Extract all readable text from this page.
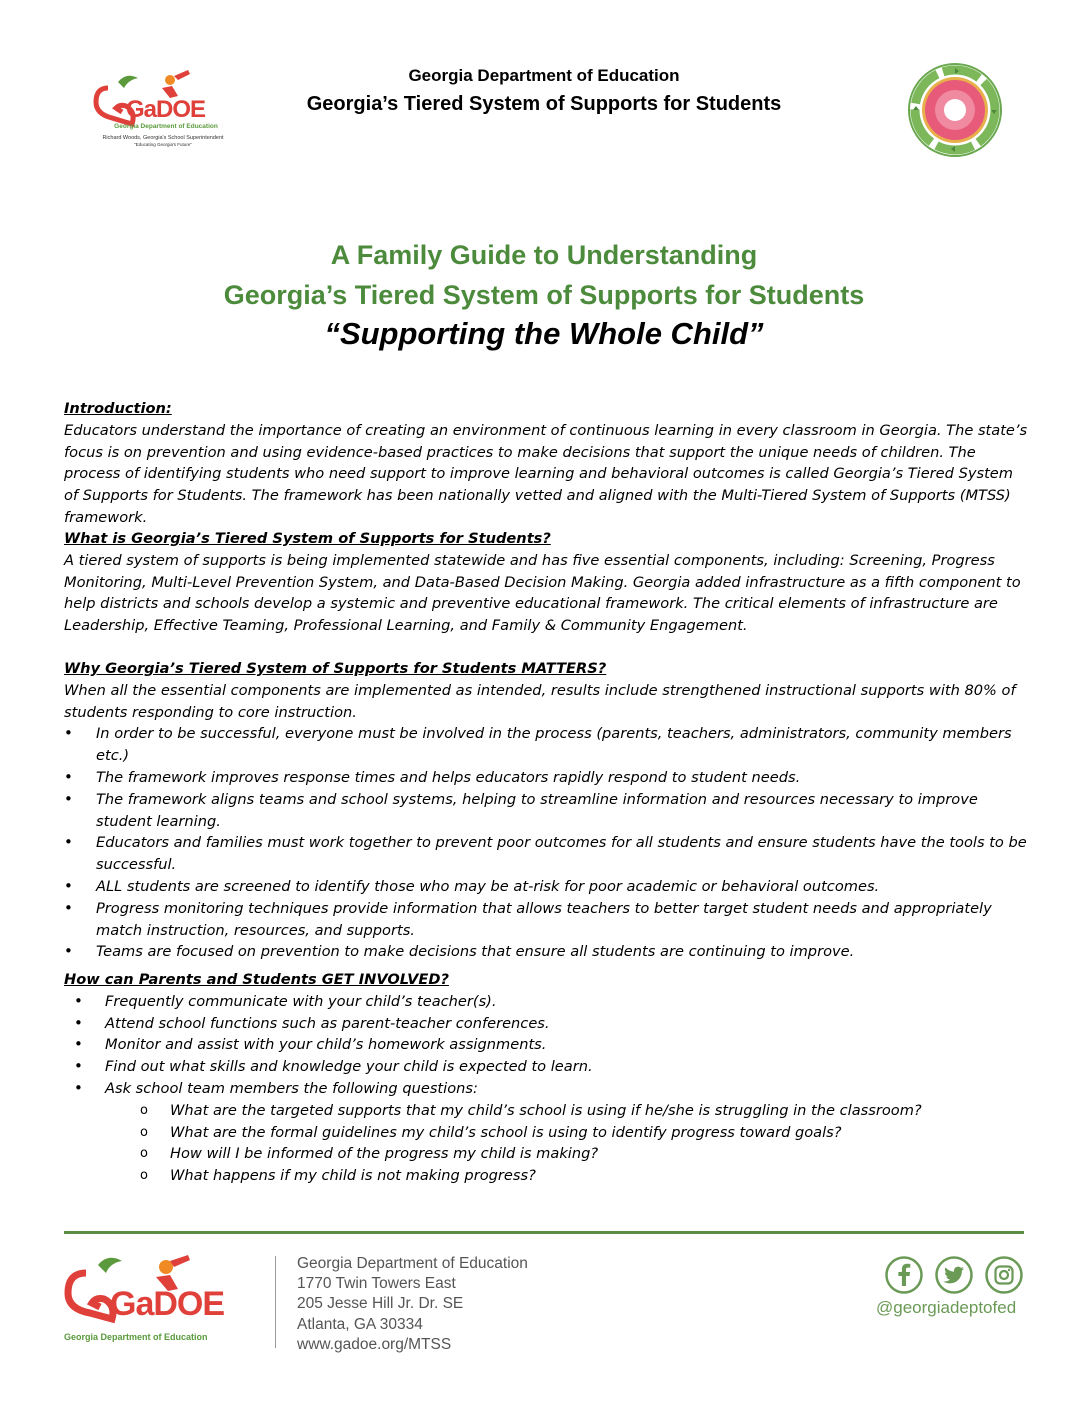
GaDOE
Georgia Department of Education
Richard Woods, Georgia's School Superintendent
"Educating Georgia's Future"
Georgia Department of Education
Georgia’s Tiered System of Supports for Students
A Family Guide to Understanding
Georgia’s Tiered System of Supports for Students
“Supporting the Whole Child”
Introduction:

Educators understand the importance of creating an environment of continuous learning in every classroom in Georgia. The state’s focus is on prevention and using evidence-based practices to make decisions that support the unique needs of children. The process of identifying students who need support to improve learning and behavioral outcomes is called Georgia’s Tiered System of Supports for Students. The framework has been nationally vetted and aligned with the Multi-Tiered System of Supports (MTSS) framework.

What is Georgia’s Tiered System of Supports for Students?

A tiered system of supports is being implemented statewide and has five essential components, including: Screening, Progress Monitoring, Multi-Level Prevention System, and Data-Based Decision Making. Georgia added infrastructure as a fifth component to help districts and schools develop a systemic and preventive educational framework. The critical elements of infrastructure are Leadership, Effective Teaming, Professional Learning, and Family & Community Engagement.

Why Georgia’s Tiered System of Supports for Students MATTERS?

When all the essential components are implemented as intended, results include strengthened instructional supports with 80% of students responding to core instruction.

• In order to be successful, everyone must be involved in the process (parents, teachers, administrators, community members etc.)
• The framework improves response times and helps educators rapidly respond to student needs.
• The framework aligns teams and school systems, helping to streamline information and resources necessary to improve student learning.
• Educators and families must work together to prevent poor outcomes for all students and ensure students have the tools to be successful.
• ALL students are screened to identify those who may be at-risk for poor academic or behavioral outcomes.
• Progress monitoring techniques provide information that allows teachers to better target student needs and appropriately match instruction, resources, and supports.
• Teams are focused on prevention to make decisions that ensure all students are continuing to improve.
How can Parents and Students GET INVOLVED?
• Frequently communicate with your child’s teacher(s).
• Attend school functions such as parent-teacher conferences.
• Monitor and assist with your child’s homework assignments.
• Find out what skills and knowledge your child is expected to learn.
• Ask school team members the following questions:
o What are the targeted supports that my child’s school is using if he/she is struggling in the classroom?
o What are the formal guidelines my child’s school is using to identify progress toward goals?
o How will I be informed of the progress my child is making?
o What happens if my child is not making progress?
GaDOE
Georgia Department of Education
Georgia Department of Education
1770 Twin Towers East
205 Jesse Hill Jr. Dr. SE
Atlanta, GA 30334
www.gadoe.org/MTSS
@georgiadeptofed
